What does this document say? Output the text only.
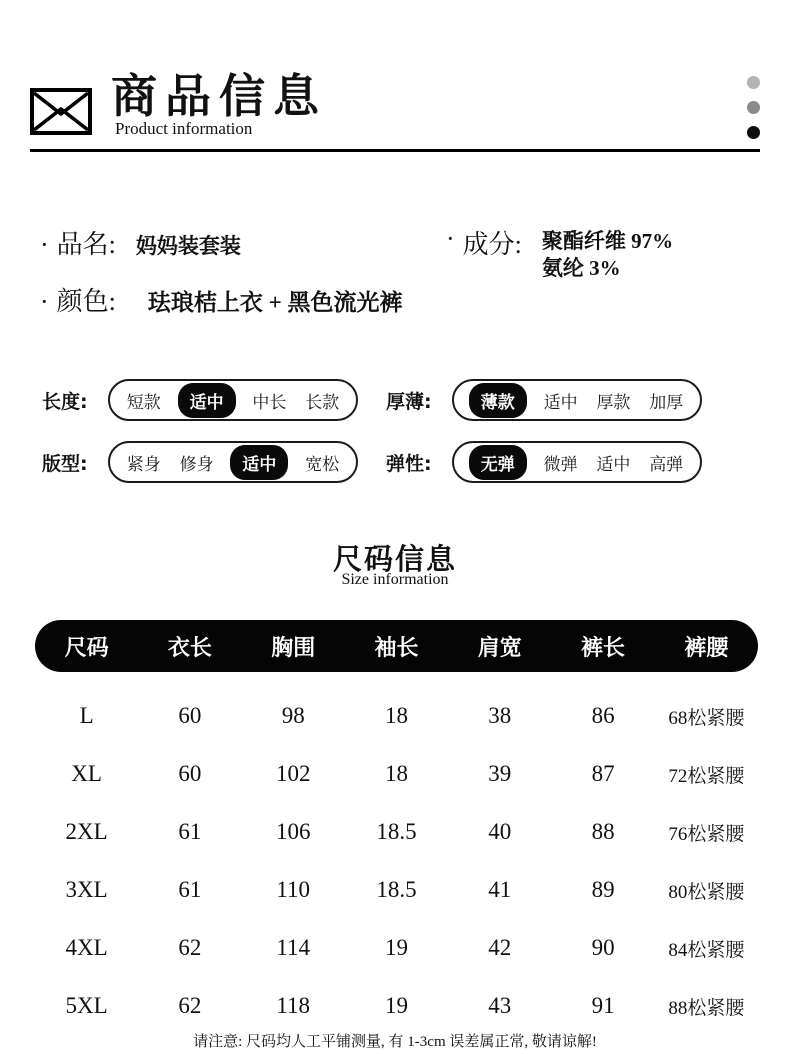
商品信息
Product information
· 品名: 妈妈装套装	· 成分: 聚酯纤维 97%
氨纶 3%
· 颜色: 珐琅桔上衣 + 黑色流光裤
长度:	短款	适中	中长 长款 厚薄:	薄款	适中 厚款 加厚
版型:	紧身 修身	适中	宽松 弹性:	无弹	微弹 适中 高弹
尺码信息
Size information
尺码	衣长	胸围	袖长	肩宽	裤长	裤腰
L	60	98	18	38	86	68松紧腰
XL	60	102	18	39	87	72松紧腰
2XL	61	106	18.5	40	88	76松紧腰
3XL	61	110	18.5	41	89	80松紧腰
4XL	62	114	19	42	90	84松紧腰
5XL	62	118	19	43	91	88松紧腰
请注意: 尺码均人工平铺测量, 有 1-3cm 误差属正常, 敬请谅解!
